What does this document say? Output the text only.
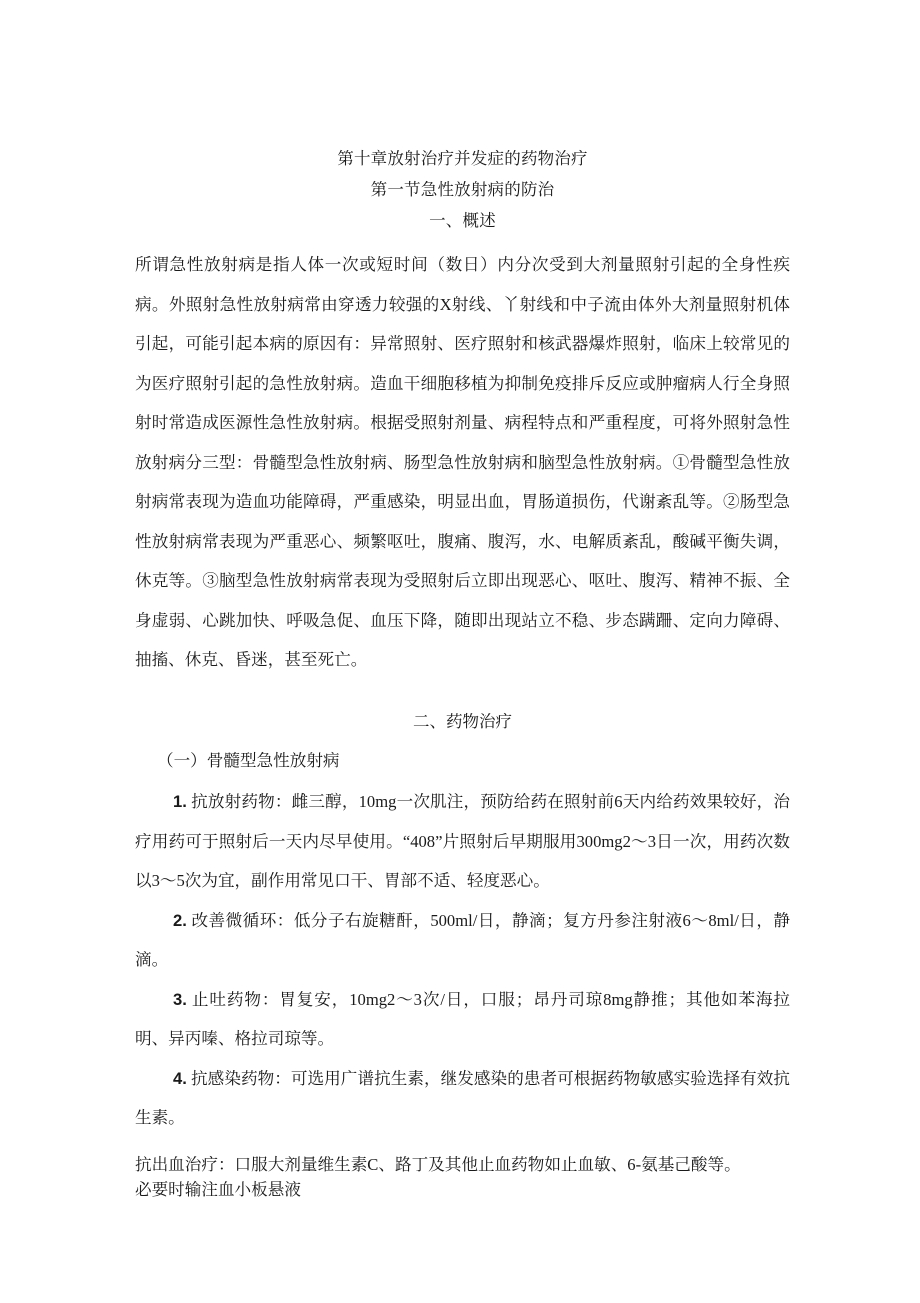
第十章放射治疗并发症的药物治疗
第一节急性放射病的防治
一、概述

所谓急性放射病是指人体一次或短时间（数日）内分次受到大剂量照射引起的全身性疾病。外照射急性放射病常由穿透力较强的X射线、丫射线和中子流由体外大剂量照射机体引起，可能引起本病的原因有：异常照射、医疗照射和核武器爆炸照射，临床上较常见的为医疗照射引起的急性放射病。造血干细胞移植为抑制免疫排斥反应或肿瘤病人行全身照射时常造成医源性急性放射病。根据受照射剂量、病程特点和严重程度，可将外照射急性放射病分三型：骨髓型急性放射病、肠型急性放射病和脑型急性放射病。①骨髓型急性放射病常表现为造血功能障碍，严重感染，明显出血，胃肠道损伤，代谢紊乱等。②肠型急性放射病常表现为严重恶心、频繁呕吐，腹痛、腹泻，水、电解质紊乱，酸碱平衡失调，休克等。③脑型急性放射病常表现为受照射后立即出现恶心、呕吐、腹泻、精神不振、全身虚弱、心跳加快、呼吸急促、血压下降，随即出现站立不稳、步态蹒跚、定向力障碍、抽搐、休克、昏迷，甚至死亡。

二、药物治疗
（一）骨髓型急性放射病

1. 抗放射药物：雌三醇，10mg一次肌注，预防给药在照射前6天内给药效果较好，治疗用药可于照射后一天内尽早使用。“408”片照射后早期服用300mg2～3日一次，用药次数以3～5次为宜，副作用常见口干、胃部不适、轻度恶心。

2. 改善微循环：低分子右旋糖酐，500ml/日，静滴；复方丹参注射液6～8ml/日，静滴。

3. 止吐药物：胃复安，10mg2～3次/日，口服；昂丹司琼8mg静推；其他如苯海拉明、异丙嗪、格拉司琼等。

4. 抗感染药物：可选用广谱抗生素，继发感染的患者可根据药物敏感实验选择有效抗生素。

抗出血治疗：口服大剂量维生素C、路丁及其他止血药物如止血敏、6-氨基己酸等。必要时输注血小板悬液
